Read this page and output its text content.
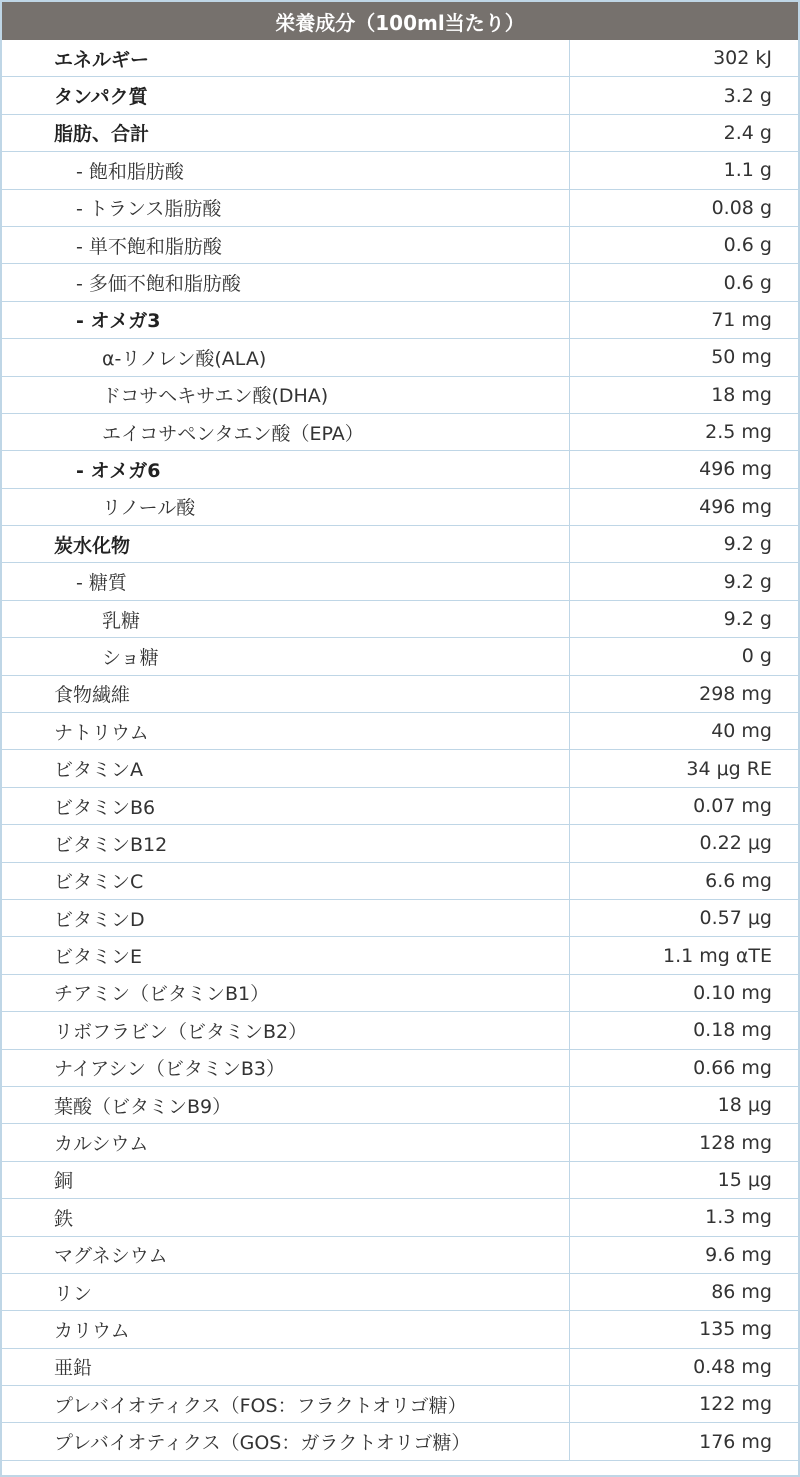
栄養成分（100ml当たり）
エネルギー	302 kJ
タンパク質	3.2 g
脂肪、合計	2.4 g
- 飽和脂肪酸	1.1 g
- トランス脂肪酸	0.08 g
- 単不飽和脂肪酸	0.6 g
- 多価不飽和脂肪酸	0.6 g
- オメガ3	71 mg
α-リノレン酸(ALA)	50 mg
ドコサヘキサエン酸(DHA)	18 mg
エイコサペンタエン酸（EPA）	2.5 mg
- オメガ6	496 mg
リノール酸	496 mg
炭水化物	9.2 g
- 糖質	9.2 g
乳糖	9.2 g
ショ糖	0 g
食物繊維	298 mg
ナトリウム	40 mg
ビタミンA	34 μg RE
ビタミンB6	0.07 mg
ビタミンB12	0.22 μg
ビタミンC	6.6 mg
ビタミンD	0.57 μg
ビタミンE	1.1 mg αTE
チアミン（ビタミンB1）	0.10 mg
リボフラビン（ビタミンB2）	0.18 mg
ナイアシン（ビタミンB3）	0.66 mg
葉酸（ビタミンB9）	18 μg
カルシウム	128 mg
銅	15 μg
鉄	1.3 mg
マグネシウム	9.6 mg
リン	86 mg
カリウム	135 mg
亜鉛	0.48 mg
プレバイオティクス（FOS：フラクトオリゴ糖）	122 mg
プレバイオティクス（GOS：ガラクトオリゴ糖）	176 mg
